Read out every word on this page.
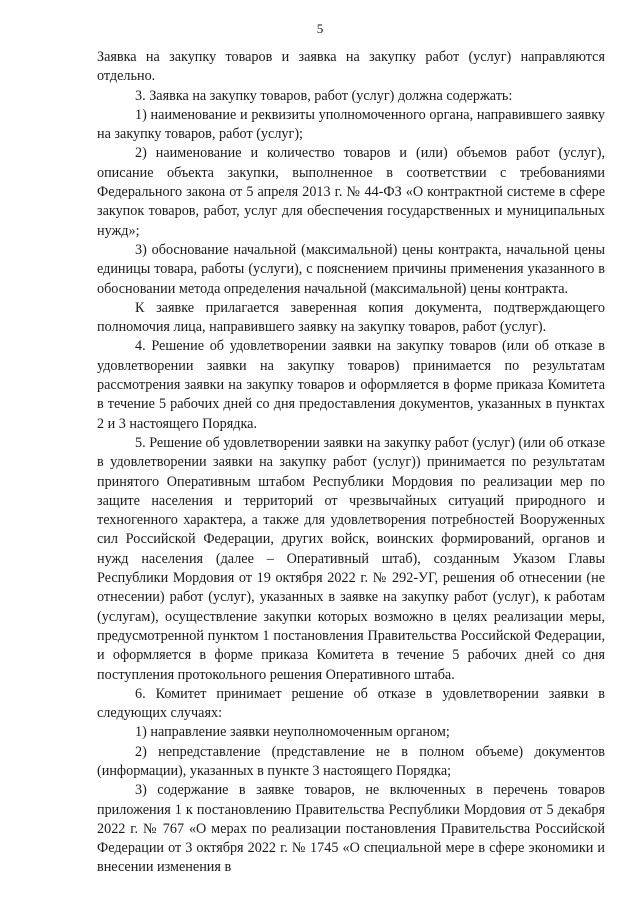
5

Заявка на закупку товаров и заявка на закупку работ (услуг) направляются отдельно.

3. Заявка на закупку товаров, работ (услуг) должна содержать:

1) наименование и реквизиты уполномоченного органа, направившего заявку на закупку товаров, работ (услуг);

2) наименование и количество товаров и (или) объемов работ (услуг), описание объекта закупки, выполненное в соответствии с требованиями Федерального закона от 5 апреля 2013 г. № 44-ФЗ «О контрактной системе в сфере закупок товаров, работ, услуг для обеспечения государственных и муниципальных нужд»;

3) обоснование начальной (максимальной) цены контракта, начальной цены единицы товара, работы (услуги), с пояснением причины применения указанного в обосновании метода определения начальной (максимальной) цены контракта.

К заявке прилагается заверенная копия документа, подтверждающего полномочия лица, направившего заявку на закупку товаров, работ (услуг).

4. Решение об удовлетворении заявки на закупку товаров (или об отказе в удовлетворении заявки на закупку товаров) принимается по результатам рассмотрения заявки на закупку товаров и оформляется в форме приказа Комитета в течение 5 рабочих дней со дня предоставления документов, указанных в пунктах 2 и 3 настоящего Порядка.

5. Решение об удовлетворении заявки на закупку работ (услуг) (или об отказе в удовлетворении заявки на закупку работ (услуг)) принимается по результатам принятого Оперативным штабом Республики Мордовия по реализации мер по защите населения и территорий от чрезвычайных ситуаций природного и техногенного характера, а также для удовлетворения потребностей Вооруженных сил Российской Федерации, других войск, воинских формирований, органов и нужд населения (далее – Оперативный штаб), созданным Указом Главы Республики Мордовия от 19 октября 2022 г. № 292-УГ, решения об отнесении (не отнесении) работ (услуг), указанных в заявке на закупку работ (услуг), к работам (услугам), осуществление закупки которых возможно в целях реализации меры, предусмотренной пунктом 1 постановления Правительства Российской Федерации, и оформляется в форме приказа Комитета в течение 5 рабочих дней со дня поступления протокольного решения Оперативного штаба.

6. Комитет принимает решение об отказе в удовлетворении заявки в следующих случаях:

1) направление заявки неуполномоченным органом;

2) непредставление (представление не в полном объеме) документов (информации), указанных в пункте 3 настоящего Порядка;

3) содержание в заявке товаров, не включенных в перечень товаров приложения 1 к постановлению Правительства Республики Мордовия от 5 декабря 2022 г. № 767 «О мерах по реализации постановления Правительства Российской Федерации от 3 октября 2022 г. № 1745 «О специальной мере в сфере экономики и внесении изменения в
